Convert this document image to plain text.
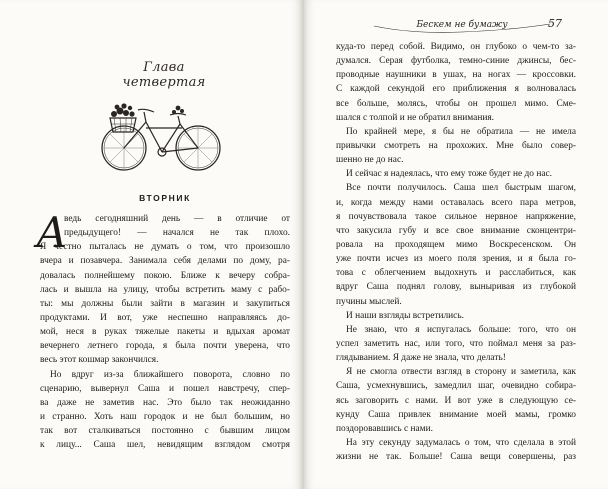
Глава четвертая
ВТОРНИК
А
ведь сегодняшний день — в отличие от
предыдущего! — начался не так плохо.
Я честно пыталась не думать о том, что произошло
вчера и позавчера. Занимала себя делами по дому, ра-
довалась полнейшему покою. Ближе к вечеру собра-
лась и вышла на улицу, чтобы встретить маму с рабо-
ты: мы должны были зайти в магазин и закупиться
продуктами. И вот, уже неспешно направляясь до-
мой, неся в руках тяжелые пакеты и вдыхая аромат
вечернего летнего города, я была почти уверена, что
весь этот кошмар закончился.
Но вдруг из-за ближайшего поворота, словно по
сценарию, вывернул Саша и пошел навстречу, спер-
ва даже не заметив нас. Это было так неожиданно
и странно. Хоть наш городок и не был большим, но
так вот сталкиваться постоянно с бывшим лицом
к лицу... Саша шел, невидящим взглядом смотря
Бескем не бумажу	57
куда-то перед собой. Видимо, он глубоко о чем-то за-
думался. Серая футболка, темно-синие джинсы, бес-
проводные наушники в ушах, на ногах — кроссовки.
С каждой секундой его приближения я волновалась
все больше, молясь, чтобы он прошел мимо. Сме-
шался с толпой и не обратил внимания.
По крайней мере, я бы не обратила — не имела
привычки смотреть на прохожих. Мне было совер-
шенно не до нас.
И сейчас я надеялась, что ему тоже будет не до нас.
Все почти получилось. Саша шел быстрым шагом,
и, когда между нами оставалась всего пара метров,
я почувствовала такое сильное нервное напряжение,
что закусила губу и все свое внимание сконцентри-
ровала на проходящем мимо Воскресенском. Он
уже почти исчез из моего поля зрения, и я была го-
това с облегчением выдохнуть и расслабиться, как
вдруг Саша поднял голову, выныривая из глубокой
пучины мыслей.
И наши взгляды встретились.
Не знаю, что я испугалась больше: того, что он
успел заметить нас, или того, что поймал меня за раз-
глядыванием. Я даже не знала, что делать!
Я не смогла отвести взгляд в сторону и заметила, как
Саша, усмехнувшись, замедлил шаг, очевидно собира-
ясь заговорить с нами. И вот уже в следующую се-
кунду Саша привлек внимание моей мамы, громко
поздоровавшись с нами.
На эту секунду задумалась о том, что сделала в этой
жизни не так. Больше! Саша вещи совершены, раз
